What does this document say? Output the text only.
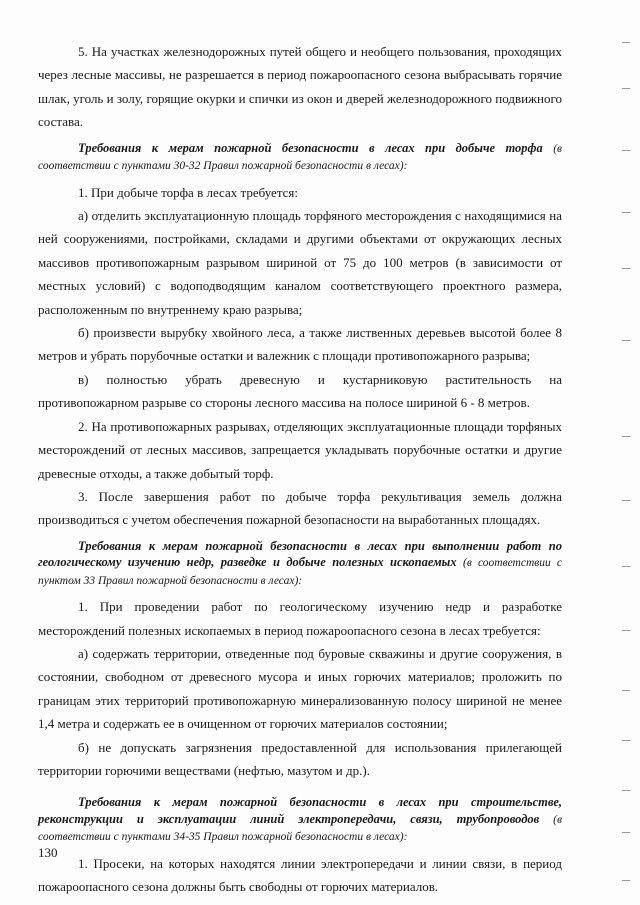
5. На участках железнодорожных путей общего и необщего пользования, проходящих через лесные массивы, не разрешается в период пожароопасного сезона выбрасывать горячие шлак, уголь и золу, горящие окурки и спички из окон и дверей железнодорожного подвижного состава.

Требования к мерам пожарной безопасности в лесах при добыче торфа (в соответствии с пунктами 30-32 Правил пожарной безопасности в лесах):

1. При добыче торфа в лесах требуется:

а) отделить эксплуатационную площадь торфяного месторождения с находящимися на ней сооружениями, постройками, складами и другими объектами от окружающих лесных массивов противопожарным разрывом шириной от 75 до 100 метров (в зависимости от местных условий) с водоподводящим каналом соответствующего проектного размера, расположенным по внутреннему краю разрыва;

б) произвести вырубку хвойного леса, а также лиственных деревьев высотой более 8 метров и убрать порубочные остатки и валежник с площади противопожарного разрыва;

в) полностью убрать древесную и кустарниковую растительность на противопожарном разрыве со стороны лесного массива на полосе шириной 6 - 8 метров.

2. На противопожарных разрывах, отделяющих эксплуатационные площади торфяных месторождений от лесных массивов, запрещается укладывать порубочные остатки и другие древесные отходы, а также добытый торф.

3. После завершения работ по добыче торфа рекультивация земель должна производиться с учетом обеспечения пожарной безопасности на выработанных площадях.

Требования к мерам пожарной безопасности в лесах при выполнении работ по геологическому изучению недр, разведке и добыче полезных ископаемых (в соответствии с пунктом 33 Правил пожарной безопасности в лесах):

1. При проведении работ по геологическому изучению недр и разработке месторождений полезных ископаемых в период пожароопасного сезона в лесах требуется:

а) содержать территории, отведенные под буровые скважины и другие сооружения, в состоянии, свободном от древесного мусора и иных горючих материалов; проложить по границам этих территорий противопожарную минерализованную полосу шириной не менее 1,4 метра и содержать ее в очищенном от горючих материалов состоянии;

б) не допускать загрязнения предоставленной для использования прилегающей территории горючими веществами (нефтью, мазутом и др.).

Требования к мерам пожарной безопасности в лесах при строительстве, реконструкции и эксплуатации линий электропередачи, связи, трубопроводов (в соответствии с пунктами 34-35 Правил пожарной безопасности в лесах):

1. Просеки, на которых находятся линии электропередачи и линии связи, в период пожароопасного сезона должны быть свободны от горючих материалов.

130
